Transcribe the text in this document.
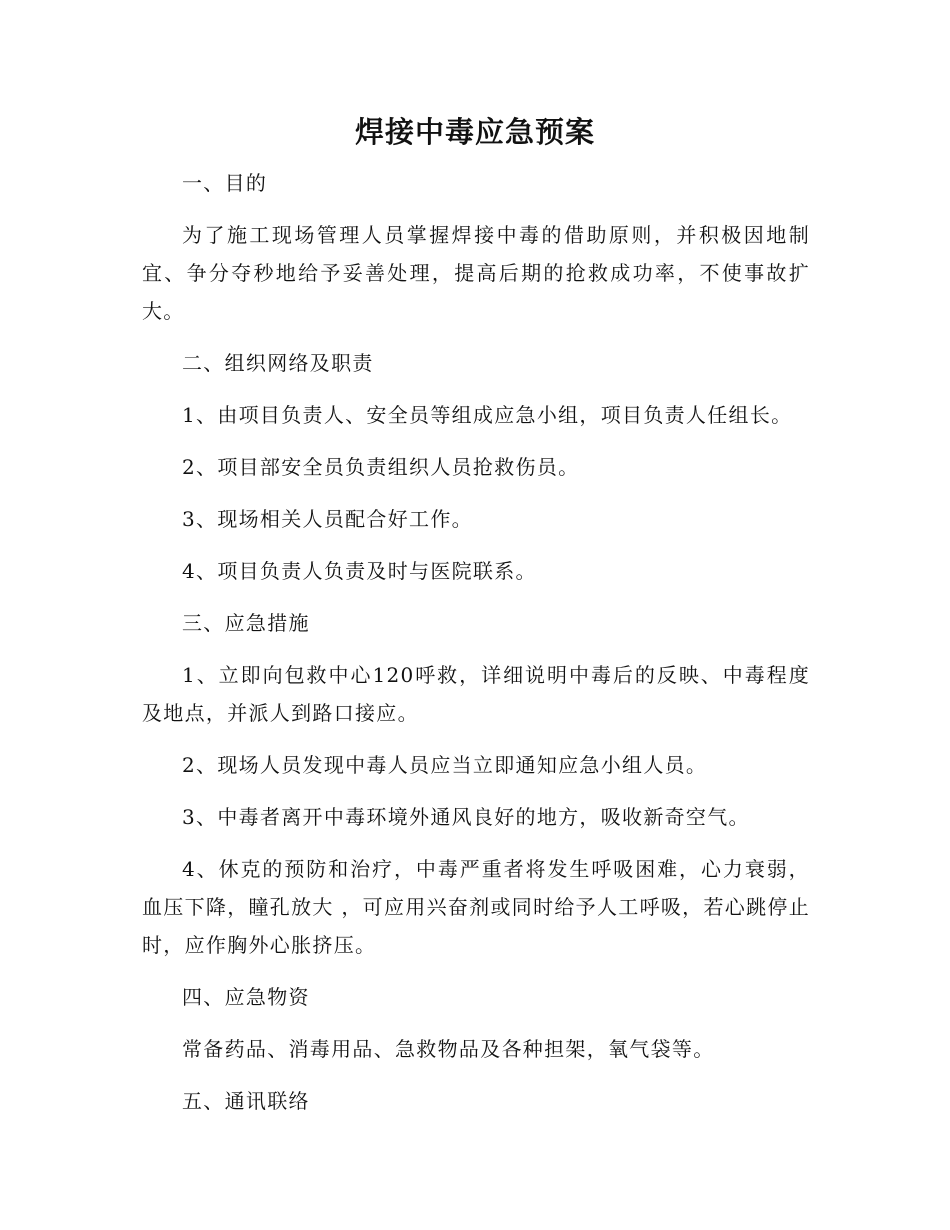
焊接中毒应急预案

一、目的

为了施工现场管理人员掌握焊接中毒的借助原则，并积极因地制宜、争分夺秒地给予妥善处理，提高后期的抢救成功率，不使事故扩大。

二、组织网络及职责

1、由项目负责人、安全员等组成应急小组，项目负责人任组长。

2、项目部安全员负责组织人员抢救伤员。

3、现场相关人员配合好工作。

4、项目负责人负责及时与医院联系。

三、应急措施

1、立即向包救中心120呼救，详细说明中毒后的反映、中毒程度及地点，并派人到路口接应。

2、现场人员发现中毒人员应当立即通知应急小组人员。

3、中毒者离开中毒环境外通风良好的地方，吸收新奇空气。

4、休克的预防和治疗，中毒严重者将发生呼吸困难，心力衰弱，血压下降，瞳孔放大 ，可应用兴奋剂或同时给予人工呼吸，若心跳停止时，应作胸外心胀挤压。

四、应急物资

常备药品、消毒用品、急救物品及各种担架，氧气袋等。

五、通讯联络
